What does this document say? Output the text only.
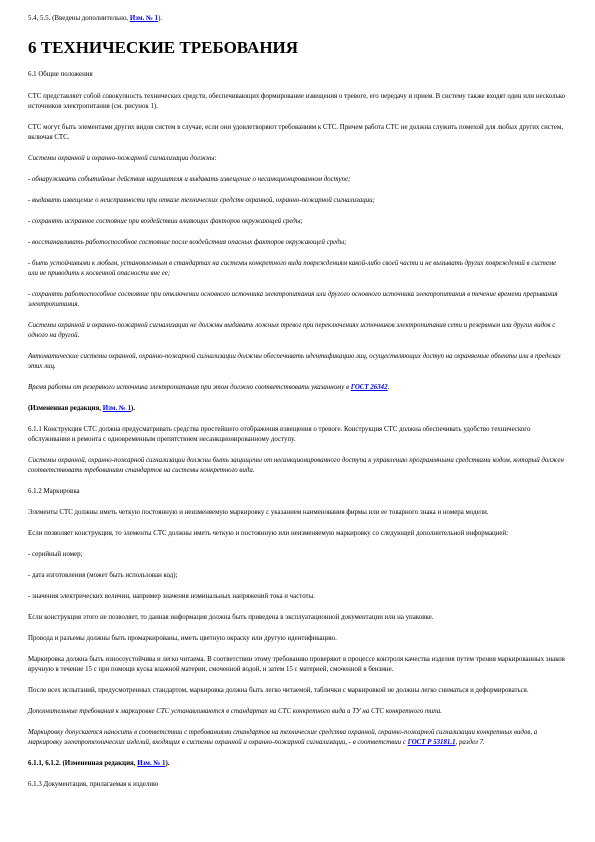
5.4, 5.5. (Введены дополнительно, Изм. № 1).

6 ТЕХНИЧЕСКИЕ ТРЕБОВАНИЯ

6.1 Общие положения

СТС представляет собой совокупность технических средств, обеспечивающих формирование извещения о тревоге, его передачу и прием. В систему также входят один или несколько источников электропитания (см. рисунок 1).

СТС могут быть элементами других видов систем в случае, если они удовлетворяют требованиям к СТС. Причем работа СТС не должна служить помехой для любых других систем, включая СТС.

Системы охранной и охранно-пожарной сигнализации должны:

- обнаруживать событийные действия нарушителя и выдавать извещение о несанкционированном доступе;

- выдавать извещение о неисправности при отказе технических средств охранной, охранно-пожарной сигнализации;

- сохранять исправное состояние при воздействии влияющих факторов окружающей среды;

- восстанавливать работоспособное состояние после воздействия опасных факторов окружающей среды;

- быть устойчивыми к любым, установленным в стандартах на системы конкретного вида повреждениям какой-либо своей части и не вызывать других повреждений в системе или не приводить к косвенной опасности вне ее;

- сохранять работоспособное состояние при отключении основного источника электропитания или другого основного источника электропитания в течение времени прерывания электропитания.

Системы охранной и охранно-пожарной сигнализации не должны выдавать ложных тревог при переключениях источников электропитания сети и резервным или других видов с одного на другой.

Автоматические системы охранной, охранно-пожарной сигнализации должны обеспечивать идентификацию лиц, осуществляющих доступ на охраняемые объекты или в пределах этих лиц.

Время работы от резервного источника электропитания при этом должно соответствовать указанному в ГОСТ 26342.

(Измененная редакция, Изм. № 1).

6.1.1 Конструкция СТС должна предусматривать средства простейшего отображения извещения о тревоге. Конструкция СТС должна обеспечивать удобство технического обслуживания и ремонта с одновременным препятствием несанкционированному доступу.

Системы охранной, охранно-пожарной сигнализации должны быть защищены от несанкционированного доступа к управлению программными средствами кодом, который должен соответствовать требованиям стандартов на системы конкретного вида.

6.1.2 Маркировка

Элементы СТС должны иметь четкую постоянную и неизменяемую маркировку с указанием наименования фирмы или ее товарного знака и номера модели.

Если позволяет конструкция, то элементы СТС должны иметь четкую и постоянную или неизменяемую маркировку со следующей дополнительной информацией:

- серийный номер;

- дата изготовления (может быть использован код);

- значения электрических величин, например значения номинальных напряжений тока и частоты.

Если конструкция этого не позволяет, то данная информация должна быть приведена в эксплуатационной документации или на упаковке.

Провода и разъемы должны быть промаркированы, иметь цветную окраску или другую идентификацию.

Маркировка должна быть износоустойчива и легко читаема. В соответствии этому требованию проверяют в процессе контроля качества изделия путем трения маркированных знаков вручную в течение 15 с при помощи куска влажной материи, смоченной водой, и затем 15 с материей, смоченной в бензине.

После всех испытаний, предусмотренных стандартом, маркировка должна быть легко читаемой, таблички с маркировкой не должны легко сниматься и деформироваться.

Дополнительные требования к маркировке СТС устанавливаются в стандартах на СТС конкретного вида и ТУ на СТС конкретного типа.

Маркировку допускается наносить в соответствии с требованиями стандартов на технические средства охранной, охранно-пожарной сигнализации конкретных видов, а маркировку электротехнических изделий, входящих в системы охранной и охранно-пожарной сигнализации, - в соответствии с ГОСТ Р 53181.1, раздел 7.

6.1.1, 6.1.2. (Измененная редакция, Изм. № 1).

6.1.3 Документация, прилагаемая к изделию
